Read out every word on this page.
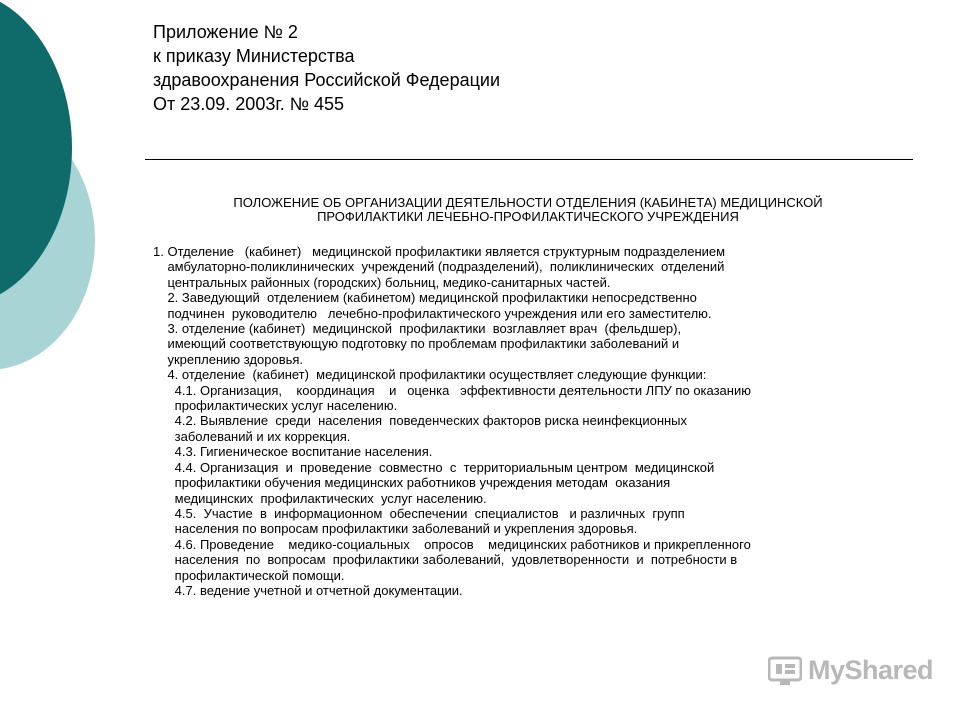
Приложение № 2
к приказу Министерства
здравоохранения Российской Федерации
От 23.09. 2003г. № 455
ПОЛОЖЕНИЕ ОБ ОРГАНИЗАЦИИ ДЕЯТЕЛЬНОСТИ ОТДЕЛЕНИЯ (КАБИНЕТА) МЕДИЦИНСКОЙ
ПРОФИЛАКТИКИ ЛЕЧЕБНО-ПРОФИЛАКТИЧЕСКОГО УЧРЕЖДЕНИЯ

1. Отделение   (кабинет)   медицинской профилактики является структурным подразделением

амбулаторно-поликлинических  учреждений (подразделений),  поликлинических  отделений

центральных районных (городских) больниц, медико-санитарных частей.

2. Заведующий  отделением (кабинетом) медицинской профилактики непосредственно

подчинен  руководителю   лечебно-профилактического учреждения или его заместителю.

3. отделение (кабинет)  медицинской  профилактики  возглавляет врач  (фельдшер),

имеющий соответствующую подготовку по проблемам профилактики заболеваний и

укреплению здоровья.

4. отделение  (кабинет)  медицинской профилактики осуществляет следующие функции:

4.1. Организация,    координация    и   оценка   эффективности деятельности ЛПУ по оказанию

профилактических услуг населению.

4.2. Выявление  среди  населения  поведенческих факторов риска неинфекционных

заболеваний и их коррекция.

4.3. Гигиеническое воспитание населения.

4.4. Организация  и  проведение  совместно  с  территориальным центром  медицинской

профилактики обучения медицинских работников учреждения методам  оказания

медицинских  профилактических  услуг населению.

4.5.  Участие  в  информационном  обеспечении  специалистов   и различных  групп

населения по вопросам профилактики заболеваний и укрепления здоровья.

4.6. Проведение    медико-социальных    опросов    медицинских работников и прикрепленного

населения  по  вопросам  профилактики заболеваний,  удовлетворенности  и  потребности в

профилактической помощи.

4.7. ведение учетной и отчетной документации.

MyShared
